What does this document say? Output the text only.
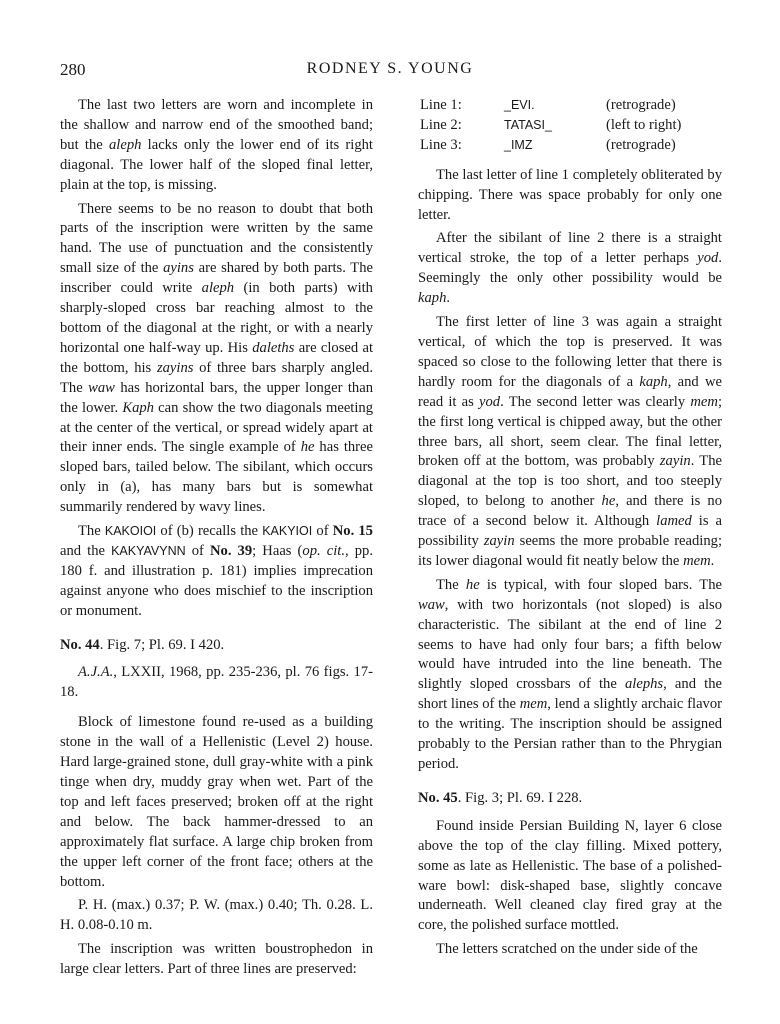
280	RODNEY S. YOUNG

The last two letters are worn and incomplete in the shallow and narrow end of the smoothed band; but the aleph lacks only the lower end of its right diagonal. The lower half of the sloped final letter, plain at the top, is missing.

There seems to be no reason to doubt that both parts of the inscription were written by the same hand. The use of punctuation and the consistently small size of the ayins are shared by both parts. The inscriber could write aleph (in both parts) with sharply-sloped cross bar reaching almost to the bottom of the diagonal at the right, or with a nearly horizontal one half-way up. His daleths are closed at the bottom, his zayins of three bars sharply angled. The waw has horizontal bars, the upper longer than the lower. Kaph can show the two diagonals meeting at the center of the vertical, or spread widely apart at their inner ends. The single example of he has three sloped bars, tailed below. The sibilant, which occurs only in (a), has many bars but is somewhat summarily rendered by wavy lines.

The KAKOIOI of (b) recalls the KAKYIOI of No. 15 and the KAKYAVYNN of No. 39; Haas (op. cit., pp. 180 f. and illustration p. 181) implies imprecation against anyone who does mischief to the inscription or monument.

No. 44. Fig. 7; Pl. 69. I 420.

A.J.A., LXXII, 1968, pp. 235-236, pl. 76 figs. 17-18.

Block of limestone found re-used as a building stone in the wall of a Hellenistic (Level 2) house. Hard large-grained stone, dull gray-white with a pink tinge when dry, muddy gray when wet. Part of the top and left faces preserved; broken off at the right and below. The back hammer-dressed to an approximately flat surface. A large chip broken from the upper left corner of the front face; others at the bottom.

P. H. (max.) 0.37; P. W. (max.) 0.40; Th. 0.28. L. H. 0.08-0.10 m.

The inscription was written boustrophedon in large clear letters. Part of three lines are preserved:

Line 1:	_EVI.	(retrograde)
Line 2:	TATASI_	(left to right)
Line 3:	_IMZ	(retrograde)

The last letter of line 1 completely obliterated by chipping. There was space probably for only one letter.

After the sibilant of line 2 there is a straight vertical stroke, the top of a letter perhaps yod. Seemingly the only other possibility would be kaph.

The first letter of line 3 was again a straight vertical, of which the top is preserved. It was spaced so close to the following letter that there is hardly room for the diagonals of a kaph, and we read it as yod. The second letter was clearly mem; the first long vertical is chipped away, but the other three bars, all short, seem clear. The final letter, broken off at the bottom, was probably zayin. The diagonal at the top is too short, and too steeply sloped, to belong to another he, and there is no trace of a second below it. Although lamed is a possibility zayin seems the more probable reading; its lower diagonal would fit neatly below the mem.

The he is typical, with four sloped bars. The waw, with two horizontals (not sloped) is also characteristic. The sibilant at the end of line 2 seems to have had only four bars; a fifth below would have intruded into the line beneath. The slightly sloped crossbars of the alephs, and the short lines of the mem, lend a slightly archaic flavor to the writing. The inscription should be assigned probably to the Persian rather than to the Phrygian period.

No. 45. Fig. 3; Pl. 69. I 228.

Found inside Persian Building N, layer 6 close above the top of the clay filling. Mixed pottery, some as late as Hellenistic. The base of a polished-ware bowl: disk-shaped base, slightly concave underneath. Well cleaned clay fired gray at the core, the polished surface mottled.

The letters scratched on the under side of the
